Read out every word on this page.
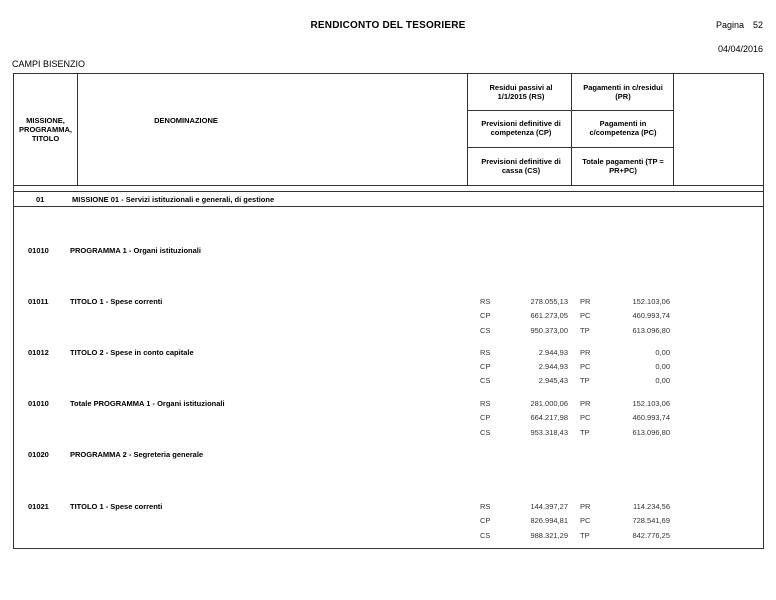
RENDICONTO DEL TESORIERE	Pagina 52
04/04/2016
CAMPI BISENZIO
MISSIONE, PROGRAMMA, TITOLO
DENOMINAZIONE
Residui passivi al 1/1/2015 (RS)
Pagamenti in c/residui (PR)
Previsioni definitive di competenza (CP)
Pagamenti in c/competenza (PC)
Previsioni definitive di cassa (CS)
Totale pagamenti (TP = PR+PC)
01	MISSIONE 01 - Servizi istituzionali e generali, di gestione
01010	PROGRAMMA 1 - Organi istituzionali
01011	TITOLO 1 - Spese correnti	RS	278.055,13 PR	152.103,06
CP	661.273,05 PC	460.993,74
CS	950.373,00 TP	613.096,80
01012	TITOLO 2 - Spese in conto capitale	RS	2.944,93 PR	0,00
CP	2.944,93 PC	0,00
CS	2.945,43 TP	0,00
01010	Totale PROGRAMMA 1 - Organi istituzionali	RS	281.000,06 PR	152.103,06
CP	664.217,98 PC	460.993,74
CS	953.318,43 TP	613.096,80
01020	PROGRAMMA 2 - Segreteria generale
01021	TITOLO 1 - Spese correnti	RS	144.397,27 PR	114.234,56
CP	826.994,81 PC	728.541,69
CS	988.321,29 TP	842.776,25
